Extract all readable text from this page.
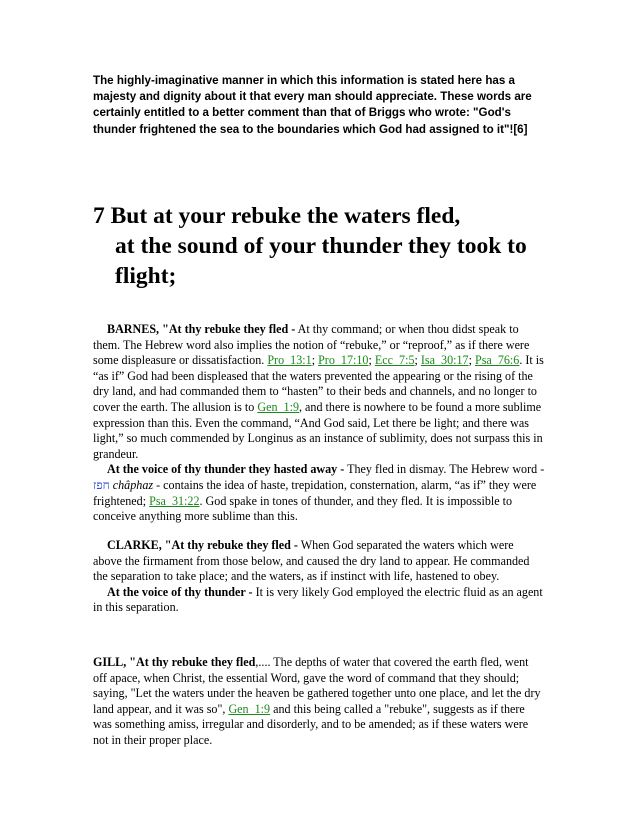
The highly-imaginative manner in which this information is stated here has a majesty and dignity about it that every man should appreciate. These words are certainly entitled to a better comment than that of Briggs who wrote: "God's thunder frightened the sea to the boundaries which God had assigned to it"![6]

7 But at your rebuke the waters fled,
at the sound of your thunder they took to flight;

BARNES, "At thy rebuke they fled - At thy command; or when thou didst speak to them. The Hebrew word also implies the notion of “rebuke,” or “reproof,” as if there were some displeasure or dissatisfaction. Pro_13:1; Pro_17:10; Ecc_7:5; Isa_30:17; Psa_76:6. It is “as if” God had been displeased that the waters prevented the appearing or the rising of the dry land, and had commanded them to “hasten” to their beds and channels, and no longer to cover the earth. The allusion is to Gen_1:9, and there is nowhere to be found a more sublime expression than this. Even the command, “And God said, Let there be light; and there was light,” so much commended by Longinus as an instance of sublimity, does not surpass this in grandeur.

At the voice of thy thunder they hasted away - They fled in dismay. The Hebrew word - חפז châphaz - contains the idea of haste, trepidation, consternation, alarm, “as if” they were frightened; Psa_31:22. God spake in tones of thunder, and they fled. It is impossible to conceive anything more sublime than this.

CLARKE, "At thy rebuke they fled - When God separated the waters which were above the firmament from those below, and caused the dry land to appear. He commanded the separation to take place; and the waters, as if instinct with life, hastened to obey.

At the voice of thy thunder - It is very likely God employed the electric fluid as an agent in this separation.

GILL, "At thy rebuke they fled,.... The depths of water that covered the earth fled, went off apace, when Christ, the essential Word, gave the word of command that they should; saying, "Let the waters under the heaven be gathered together unto one place, and let the dry land appear, and it was so", Gen_1:9 and this being called a "rebuke", suggests as if there was something amiss, irregular and disorderly, and to be amended; as if these waters were not in their proper place.
